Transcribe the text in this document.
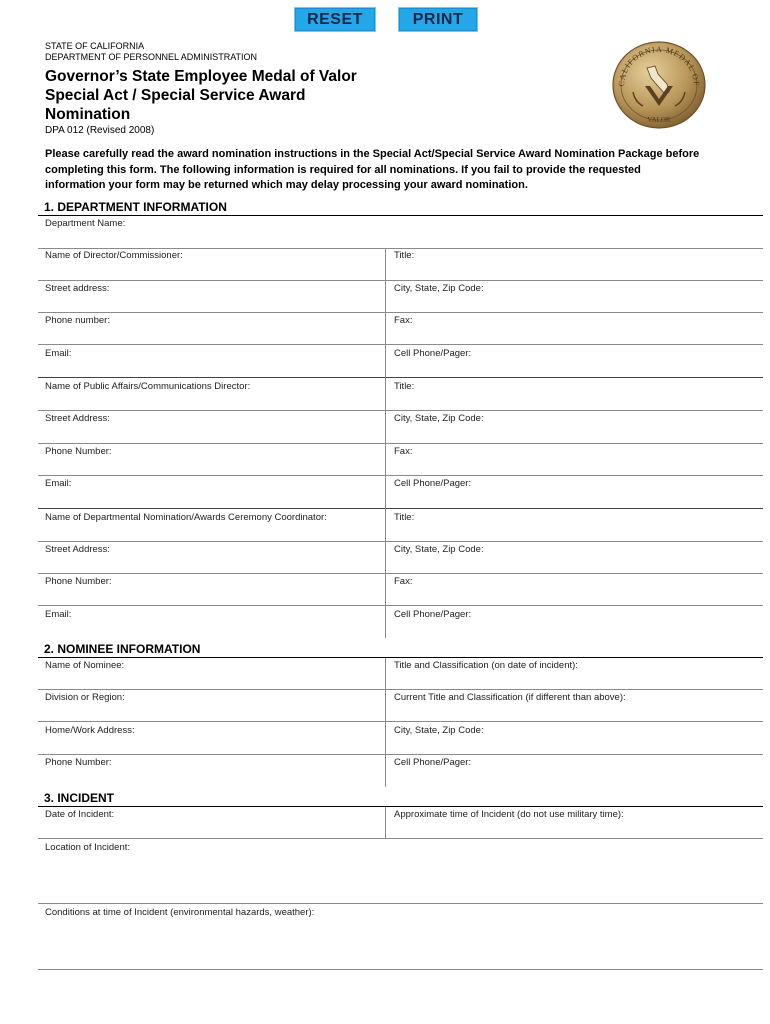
RESET	PRINT
STATE OF CALIFORNIA
DEPARTMENT OF PERSONNEL ADMINISTRATION
Governor’s State Employee Medal of Valor
Special Act / Special Service Award
Nomination
DPA 012 (Revised 2008)
CALIFORNIA MEDAL OF
VALOR
Please carefully read the award nomination instructions in the Special Act/Special Service Award Nomination Package before
completing this form. The following information is required for all nominations. If you fail to provide the requested
information your form may be returned which may delay processing your award nomination.
1. DEPARTMENT INFORMATION
Department Name:
Name of Director/Commissioner:	Title:
Street address:	City, State, Zip Code:
Phone number:	Fax:
Email:	Cell Phone/Pager:
Name of Public Affairs/Communications Director:	Title:
Street Address:	City, State, Zip Code:
Phone Number:	Fax:
Email:	Cell Phone/Pager:
Name of Departmental Nomination/Awards Ceremony Coordinator:	Title:
Street Address:	City, State, Zip Code:
Phone Number:	Fax:
Email:	Cell Phone/Pager:
2. NOMINEE INFORMATION
Name of Nominee:	Title and Classification (on date of incident):
Division or Region:	Current Title and Classification (if different than above):
Home/Work Address:	City, State, Zip Code:
Phone Number:	Cell Phone/Pager:
3. INCIDENT
Date of Incident:	Approximate time of Incident (do not use military time):
Location of Incident:
Conditions at time of Incident (environmental hazards, weather):
